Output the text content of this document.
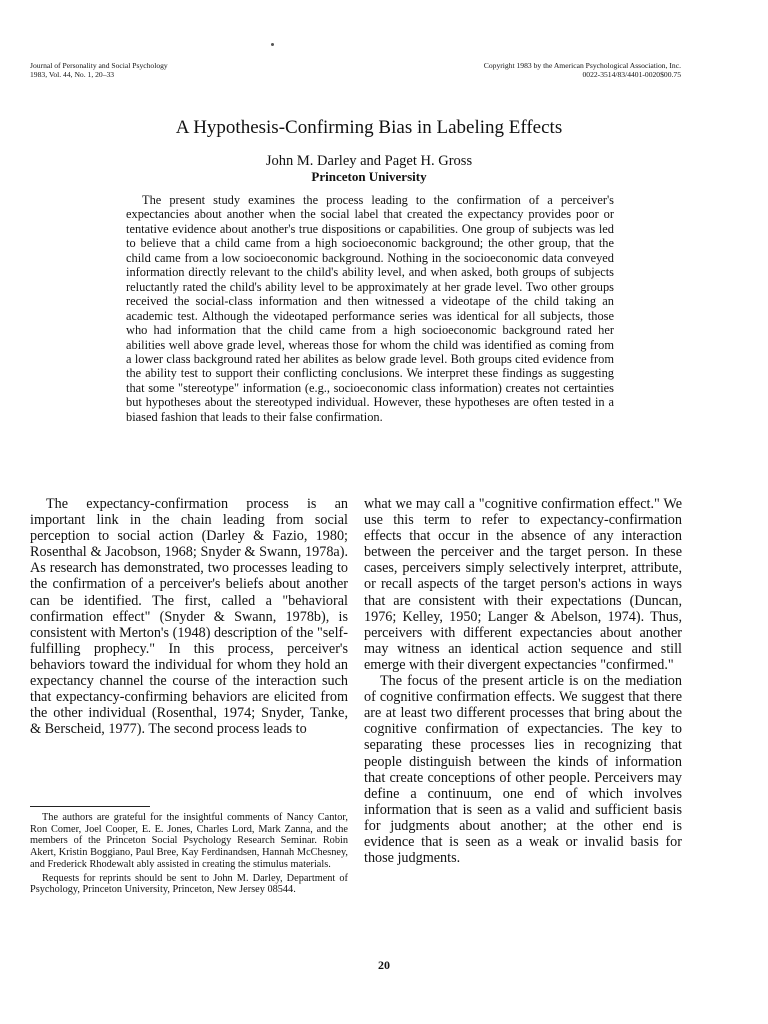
Journal of Personality and Social Psychology
1983, Vol. 44, No. 1, 20–33
Copyright 1983 by the American Psychological Association, Inc.
0022-3514/83/4401-0020$00.75
A Hypothesis-Confirming Bias in Labeling Effects
John M. Darley and Paget H. Gross
Princeton University

The present study examines the process leading to the confirmation of a perceiver's expectancies about another when the social label that created the expectancy provides poor or tentative evidence about another's true dispositions or capabilities. One group of subjects was led to believe that a child came from a high socioeconomic background; the other group, that the child came from a low socioeconomic background. Nothing in the socioeconomic data conveyed information directly relevant to the child's ability level, and when asked, both groups of subjects reluctantly rated the child's ability level to be approximately at her grade level. Two other groups received the social-class information and then witnessed a videotape of the child taking an academic test. Although the videotaped performance series was identical for all subjects, those who had information that the child came from a high socioeconomic background rated her abilities well above grade level, whereas those for whom the child was identified as coming from a lower class background rated her abilites as below grade level. Both groups cited evidence from the ability test to support their conflicting conclusions. We interpret these findings as suggesting that some "stereotype" information (e.g., socioeconomic class information) creates not certainties but hypotheses about the stereotyped individual. However, these hypotheses are often tested in a biased fashion that leads to their false confirmation.

The expectancy-confirmation process is an important link in the chain leading from social perception to social action (Darley & Fazio, 1980; Rosenthal & Jacobson, 1968; Snyder & Swann, 1978a). As research has demonstrated, two processes leading to the confirmation of a perceiver's beliefs about another can be identified. The first, called a "behavioral confirmation effect" (Snyder & Swann, 1978b), is consistent with Merton's (1948) description of the "self-fulfilling prophecy." In this process, perceiver's behaviors toward the individual for whom they hold an expectancy channel the course of the interaction such that expectancy-confirming behaviors are elicited from the other individual (Rosenthal, 1974; Snyder, Tanke, & Berscheid, 1977). The second process leads to

what we may call a "cognitive confirmation effect." We use this term to refer to expectancy-confirmation effects that occur in the absence of any interaction between the perceiver and the target person. In these cases, perceivers simply selectively interpret, attribute, or recall aspects of the target person's actions in ways that are consistent with their expectations (Duncan, 1976; Kelley, 1950; Langer & Abelson, 1974). Thus, perceivers with different expectancies about another may witness an identical action sequence and still emerge with their divergent expectancies "confirmed."

The focus of the present article is on the mediation of cognitive confirmation effects. We suggest that there are at least two different processes that bring about the cognitive confirmation of expectancies. The key to separating these processes lies in recognizing that people distinguish between the kinds of information that create conceptions of other people. Perceivers may define a continuum, one end of which involves information that is seen as a valid and sufficient basis for judgments about another; at the other end is evidence that is seen as a weak or invalid basis for those judgments.

The authors are grateful for the insightful comments of Nancy Cantor, Ron Comer, Joel Cooper, E. E. Jones, Charles Lord, Mark Zanna, and the members of the Princeton Social Psychology Research Seminar. Robin Akert, Kristin Boggiano, Paul Bree, Kay Ferdinandsen, Hannah McChesney, and Frederick Rhodewalt ably assisted in creating the stimulus materials.

Requests for reprints should be sent to John M. Darley, Department of Psychology, Princeton University, Princeton, New Jersey 08544.

20
